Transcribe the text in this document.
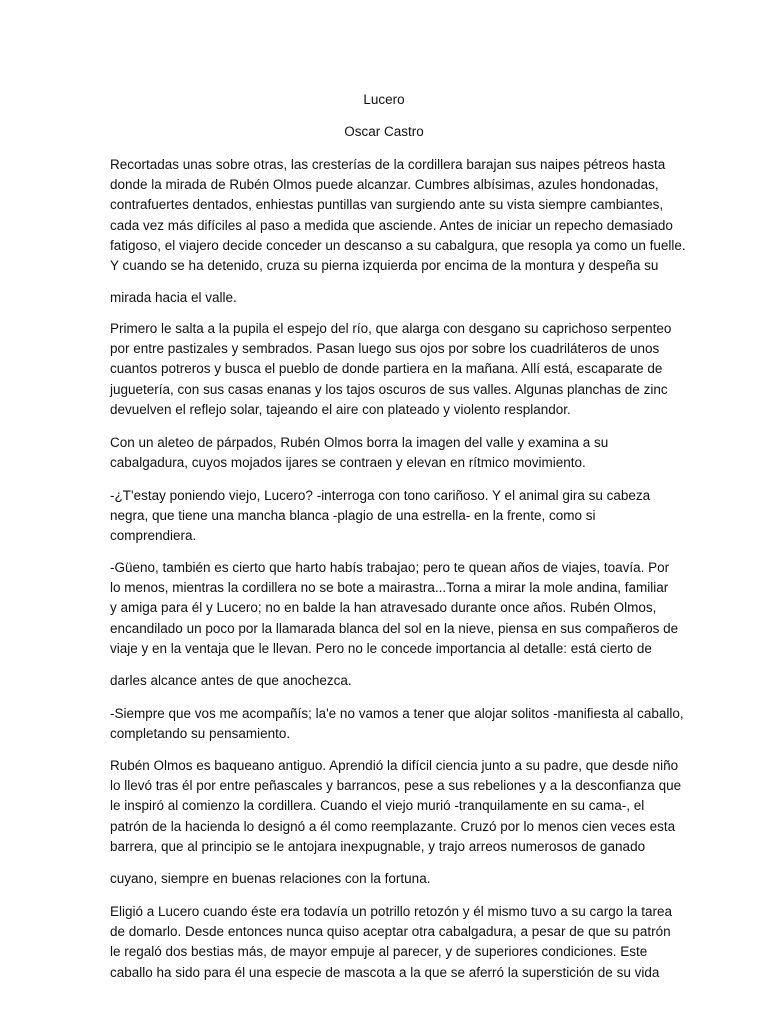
Lucero
Oscar Castro
Recortadas unas sobre otras, las cresterías de la cordillera barajan sus naipes pétreos hasta
donde la mirada de Rubén Olmos puede alcanzar. Cumbres albísimas, azules hondonadas,
contrafuertes dentados, enhiestas puntillas van surgiendo ante su vista siempre cambiantes,
cada vez más difíciles al paso a medida que asciende. Antes de iniciar un repecho demasiado
fatigoso, el viajero decide conceder un descanso a su cabalgura, que resopla ya como un fuelle.
Y cuando se ha detenido, cruza su pierna izquierda por encima de la montura y despeña su
mirada hacia el valle.
Primero le salta a la pupila el espejo del río, que alarga con desgano su caprichoso serpenteo
por entre pastizales y sembrados. Pasan luego sus ojos por sobre los cuadriláteros de unos
cuantos potreros y busca el pueblo de donde partiera en la mañana. Allí está, escaparate de
juguetería, con sus casas enanas y los tajos oscuros de sus valles. Algunas planchas de zinc
devuelven el reflejo solar, tajeando el aire con plateado y violento resplandor.
Con un aleteo de párpados, Rubén Olmos borra la imagen del valle y examina a su
cabalgadura, cuyos mojados ijares se contraen y elevan en rítmico movimiento.
-¿T'estay poniendo viejo, Lucero? -interroga con tono cariñoso. Y el animal gira su cabeza
negra, que tiene una mancha blanca -plagio de una estrella- en la frente, como si
comprendiera.
-Güeno, también es cierto que harto habís trabajao; pero te quean años de viajes, toavía. Por
lo menos, mientras la cordillera no se bote a mairastra...Torna a mirar la mole andina, familiar
y amiga para él y Lucero; no en balde la han atravesado durante once años. Rubén Olmos,
encandilado un poco por la llamarada blanca del sol en la nieve, piensa en sus compañeros de
viaje y en la ventaja que le llevan. Pero no le concede importancia al detalle: está cierto de
darles alcance antes de que anochezca.
-Siempre que vos me acompañís; la'e no vamos a tener que alojar solitos -manifiesta al caballo,
completando su pensamiento.
Rubén Olmos es baqueano antiguo. Aprendió la difícil ciencia junto a su padre, que desde niño
lo llevó tras él por entre peñascales y barrancos, pese a sus rebeliones y a la desconfianza que
le inspiró al comienzo la cordillera. Cuando el viejo murió -tranquilamente en su cama-, el
patrón de la hacienda lo designó a él como reemplazante. Cruzó por lo menos cien veces esta
barrera, que al principio se le antojara inexpugnable, y trajo arreos numerosos de ganado
cuyano, siempre en buenas relaciones con la fortuna.
Eligió a Lucero cuando éste era todavía un potrillo retozón y él mismo tuvo a su cargo la tarea
de domarlo. Desde entonces nunca quiso aceptar otra cabalgadura, a pesar de que su patrón
le regaló dos bestias más, de mayor empuje al parecer, y de superiores condiciones. Este
caballo ha sido para él una especie de mascota a la que se aferró la superstición de su vida
